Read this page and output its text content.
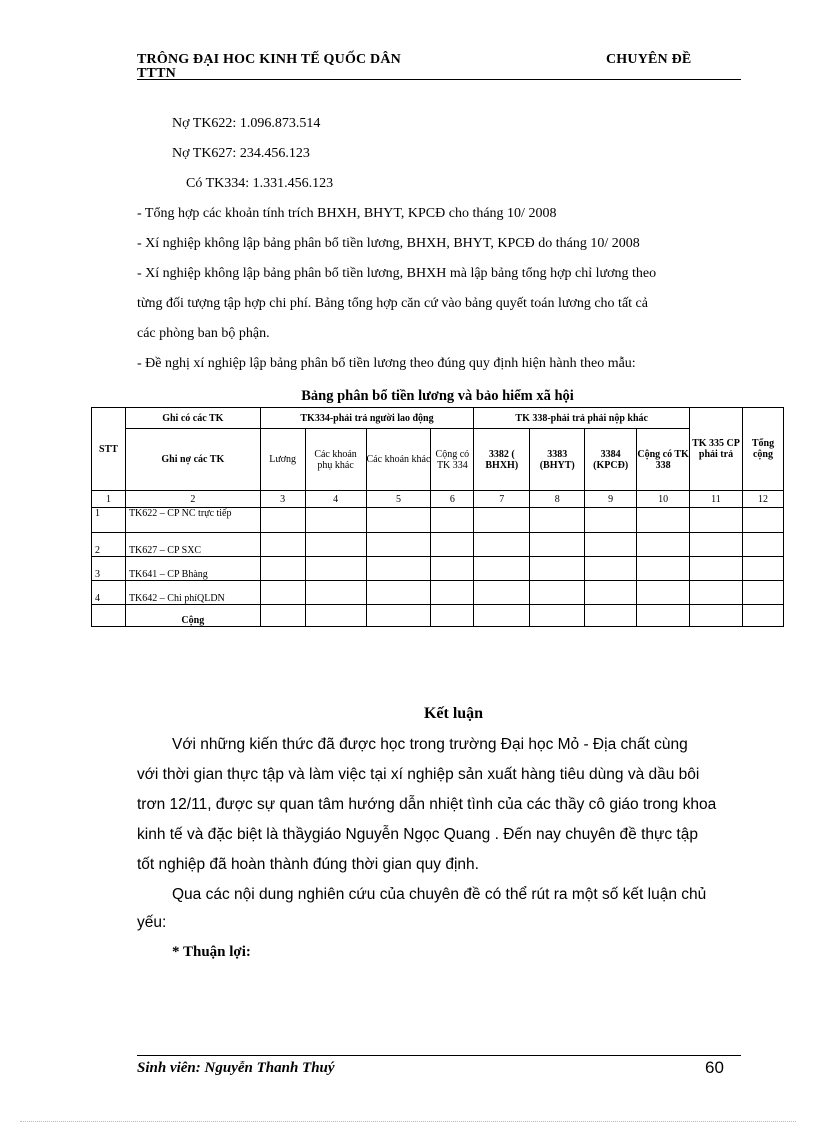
TRÔNG ĐẠI HOC KINH TẾ QUỐC DÂN
TTTN
CHUYÊN ĐỀ
Nợ TK622: 1.096.873.514
Nợ TK627: 234.456.123
Có TK334: 1.331.456.123
- Tổng hợp các khoản tính trích BHXH, BHYT, KPCĐ cho tháng 10/ 2008
- Xí nghiệp không lập bảng phân bổ tiền lương, BHXH, BHYT, KPCĐ do tháng 10/ 2008
- Xí nghiệp không lập bảng phân bổ tiền lương, BHXH mà lập bảng tổng hợp chỉ lương theo
từng đối tượng tập hợp chi phí. Bảng tổng hợp căn cứ vào bảng quyết toán lương cho tất cả
các phòng ban bộ phận.
- Đề nghị xí nghiệp lập bảng phân bổ tiền lương theo đúng quy định hiện hành theo mẫu:
Bảng phân bổ tiền lương và bảo hiểm xã hội
STT	Ghi có các TK	TK334-phải trả người lao động				TK 338-phải trả phải nộp khác				TK 335 CP phải trả	Tổng cộng
	Ghi nợ các TK	Lương	Các khoản phụ khác	Các khoản khác	Cộng có TK 334	3382 ( BHXH)	3383 (BHYT)	3384 (KPCĐ)	Cộng có TK 338		
1	2	3	4	5	6	7	8	9	10	11	12
1	TK622 – CP NC trực tiếp										
2	TK627 – CP SXC										
3	TK641 – CP Bhàng										
4	TK642 – Chi phíQLDN										
	Cộng										
Kết luận
Với những kiến thức đã được học trong trường Đại học Mỏ - Địa chất cùng
với thời gian thực tập và làm việc tại xí nghiệp sản xuất hàng tiêu dùng và dầu bôi
trơn 12/11, được sự quan tâm hướng dẫn nhiệt tình của các thầy cô giáo trong khoa
kinh tế và đặc biệt là thầygiáo Nguyễn Ngọc Quang . Đến nay chuyên đề thực tập
tốt nghiệp đã hoàn thành đúng thời gian quy định.
Qua các nội dung nghiên cứu của chuyên đề có thể rút ra một số kết luận chủ
yếu:
* Thuận lợi:
Sinh viên: Nguyễn Thanh Thuý	60
